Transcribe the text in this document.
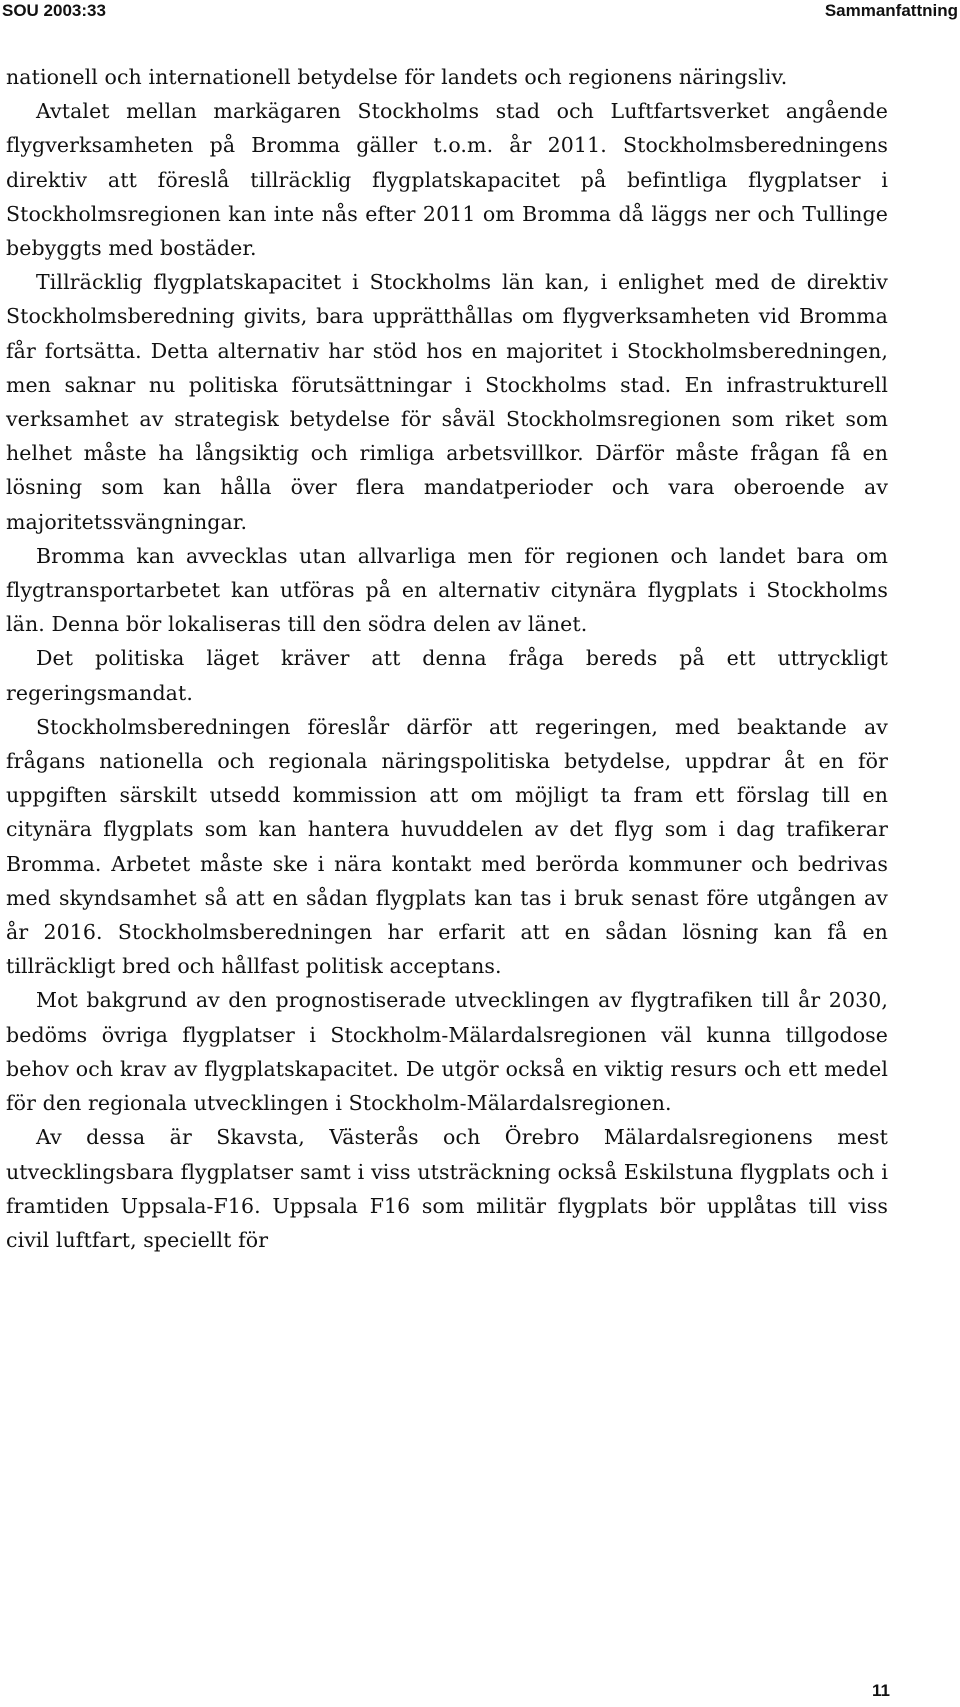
SOU 2003:33	Sammanfattning

nationell och internationell betydelse för landets och regionens näringsliv.

Avtalet mellan markägaren Stockholms stad och Luftfartsverket angående flygverksamheten på Bromma gäller t.o.m. år 2011. Stockholmsberedningens direktiv att föreslå tillräcklig flygplatskapacitet på befintliga flygplatser i Stockholmsregionen kan inte nås efter 2011 om Bromma då läggs ner och Tullinge bebyggts med bostäder.

Tillräcklig flygplatskapacitet i Stockholms län kan, i enlighet med de direktiv Stockholmsberedning givits, bara upprätthållas om flygverksamheten vid Bromma får fortsätta. Detta alternativ har stöd hos en majoritet i Stockholmsberedningen, men saknar nu politiska förutsättningar i Stockholms stad. En infrastrukturell verksamhet av strategisk betydelse för såväl Stockholmsregionen som riket som helhet måste ha långsiktig och rimliga arbetsvillkor. Därför måste frågan få en lösning som kan hålla över flera mandatperioder och vara oberoende av majoritetssvängningar.

Bromma kan avvecklas utan allvarliga men för regionen och landet bara om flygtransportarbetet kan utföras på en alternativ citynära flygplats i Stockholms län. Denna bör lokaliseras till den södra delen av länet.

Det politiska läget kräver att denna fråga bereds på ett uttryckligt regeringsmandat.

Stockholmsberedningen föreslår därför att regeringen, med beaktande av frågans nationella och regionala näringspolitiska betydelse, uppdrar åt en för uppgiften särskilt utsedd kommission att om möjligt ta fram ett förslag till en citynära flygplats som kan hantera huvuddelen av det flyg som i dag trafikerar Bromma. Arbetet måste ske i nära kontakt med berörda kommuner och bedrivas med skyndsamhet så att en sådan flygplats kan tas i bruk senast före utgången av år 2016. Stockholmsberedningen har erfarit att en sådan lösning kan få en tillräckligt bred och hållfast politisk acceptans.

Mot bakgrund av den prognostiserade utvecklingen av flygtrafiken till år 2030, bedöms övriga flygplatser i Stockholm-Mälardalsregionen väl kunna tillgodose behov och krav av flygplatskapacitet. De utgör också en viktig resurs och ett medel för den regionala utvecklingen i Stockholm-Mälardalsregionen.

Av dessa är Skavsta, Västerås och Örebro Mälardalsregionens mest utvecklingsbara flygplatser samt i viss utsträckning också Eskilstuna flygplats och i framtiden Uppsala-F16. Uppsala F16 som militär flygplats bör upplåtas till viss civil luftfart, speciellt för

11
